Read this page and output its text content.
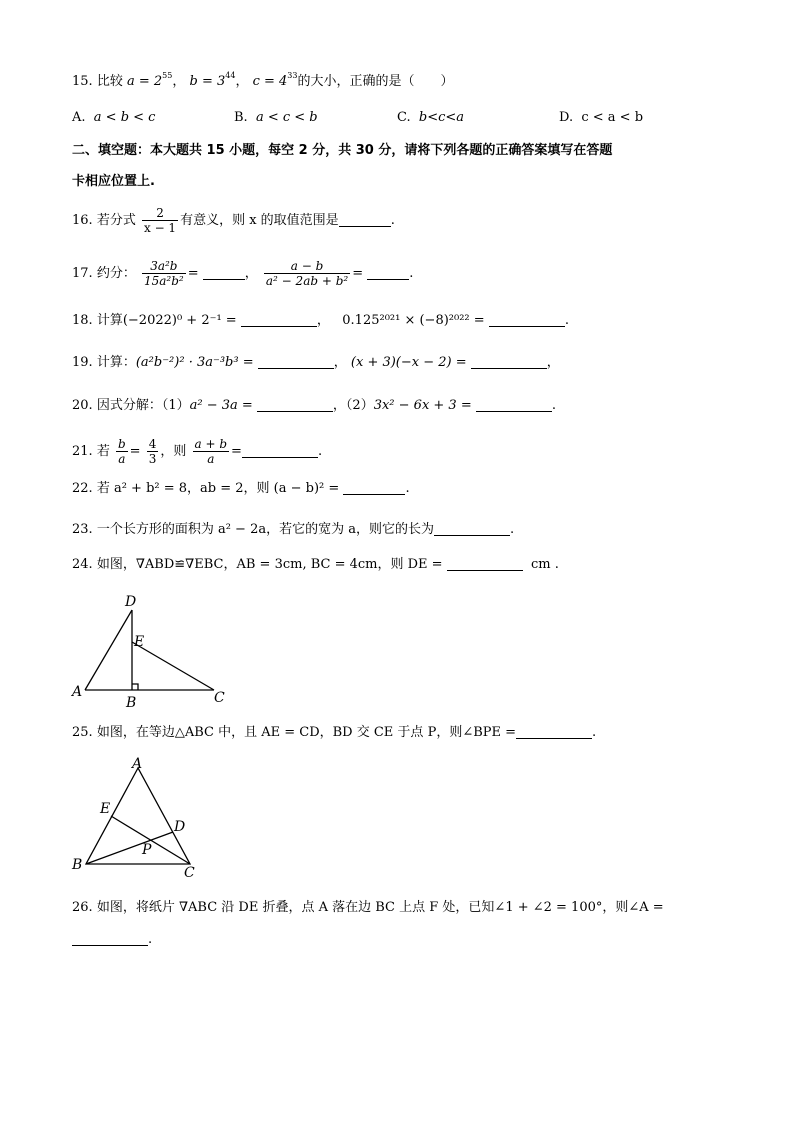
15. 比较 $a = 2^{55}$， $b = 3^{44}$， $c = 4^{33}$的大小，正确的是（　　）
A. a < b < c	B. a < c < b	C. b<c<a	D. c < a < b
二、填空题：本大题共 15 小题，每空 2 分，共 30 分，请将下列各题的正确答案填写在答题
卡相应位置上.
16. 若分式 $\frac{2}{x - 1}$ 有意义，则 x 的取值范围是	.
17. 约分： $\frac{\text{3a²b}}{\text{15a²b²}}$ =	， $\frac{a - b}{\text{a² − 2ab + b²}}$ =	.
18. 计算(−2022)⁰ + 2⁻¹ =	， 0.125²⁰²¹ × (−8)²⁰²² =	.
19. 计算：(a²b⁻²)² · 3a⁻³b³ =	， (x + 3)(−x − 2) =	，
20. 因式分解：（1）a² − 3a =	，（2）3x² − 6x + 3 =	.
21. 若 $\frac{b}{a} = \frac{4}{3}$ ，则 $\frac{a + b}{a}$ =	.
22. 若 a² + b² = 8，ab = 2，则 (a − b)² =	.
23. 一个长方形的面积为 a² − 2a，若它的宽为 a，则它的长为	.
24. 如图，∇ABD≌∇EBC，AB = 3cm, BC = 4cm，则 DE =	cm .
D
E
A
B	C
25. 如图，在等边△ABC 中，且 AE = CD，BD 交 CE 于点 P，则∠BPE =	.
A
E
D
P
B	C
26. 如图，将纸片 ∇ABC 沿 DE 折叠，点 A 落在边 BC 上点 F 处，已知∠1 + ∠2 = 100°，则∠A =
.
